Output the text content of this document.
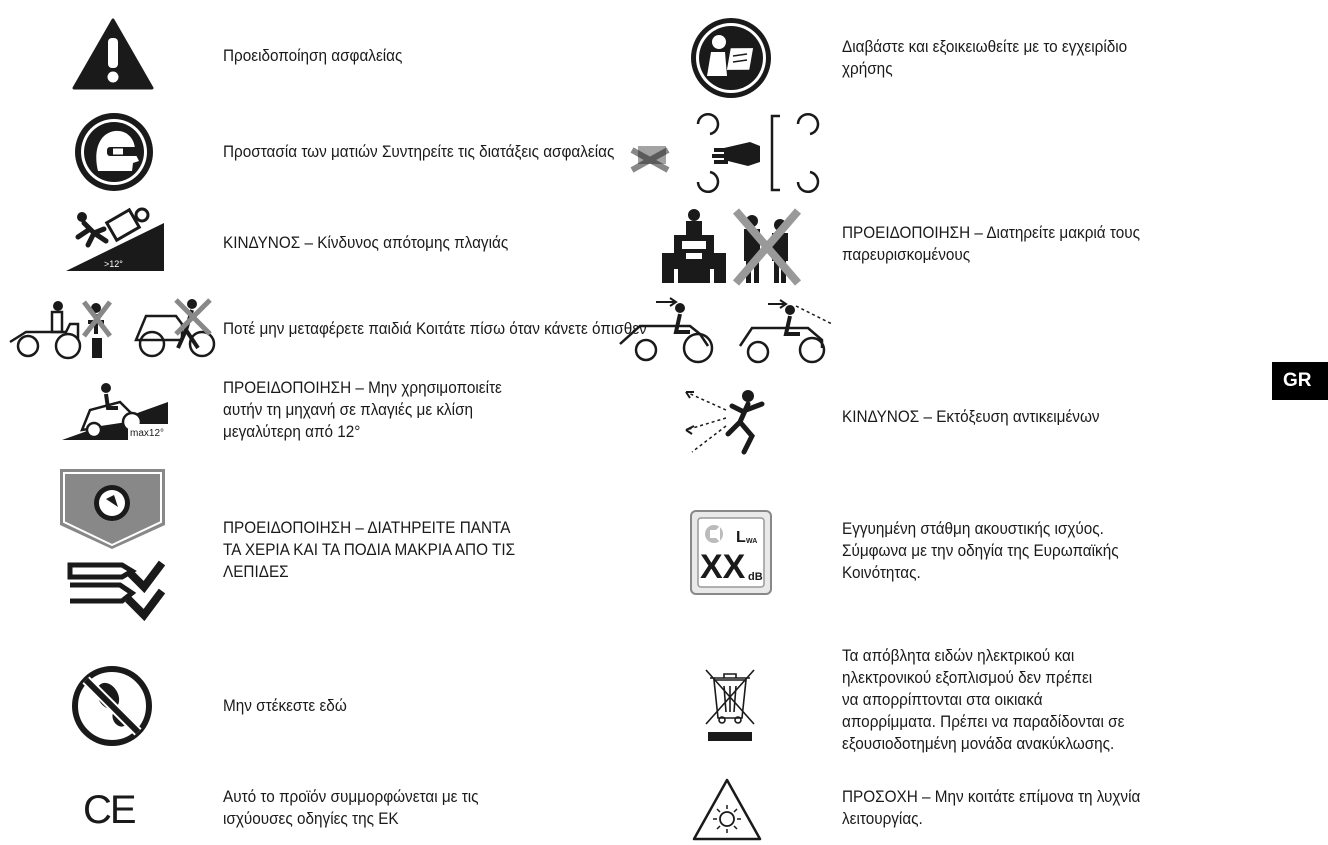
GR
>12°
max12°
CE
L WA
XX dB
Προειδοποίηση ασφαλείας
Προστασία των ματιών Συντηρείτε τις διατάξεις ασφαλείας
ΚΙΝΔΥΝΟΣ – Κίνδυνος απότομης πλαγιάς
Ποτέ μην μεταφέρετε παιδιά Κοιτάτε πίσω όταν κάνετε όπισθεν
ΠΡΟΕΙΔΟΠΟΙΗΣΗ – Μην χρησιμοποιείτε
αυτήν τη μηχανή σε πλαγιές με κλίση
μεγαλύτερη από 12°
ΠΡΟΕΙΔΟΠΟΙΗΣΗ – ΔΙΑΤΗΡΕΙΤΕ ΠΑΝΤΑ
ΤΑ ΧΕΡΙΑ ΚΑΙ ΤΑ ΠΟΔΙΑ ΜΑΚΡΙΑ ΑΠΟ ΤΙΣ
ΛΕΠΙΔΕΣ
Μην στέκεστε εδώ
Αυτό το προϊόν συμμορφώνεται με τις
ισχύουσες οδηγίες της ΕΚ
Διαβάστε και εξοικειωθείτε με το εγχειρίδιο
χρήσης
ΠΡΟΕΙΔΟΠΟΙΗΣΗ – Διατηρείτε μακριά τους
παρευρισκομένους
ΚΙΝΔΥΝΟΣ – Εκτόξευση αντικειμένων
Εγγυημένη στάθμη ακουστικής ισχύος.
Σύμφωνα με την οδηγία της Ευρωπαϊκής
Κοινότητας.
Τα απόβλητα ειδών ηλεκτρικού και
ηλεκτρονικού εξοπλισμού δεν πρέπει
να απορρίπτονται στα οικιακά
απορρίμματα. Πρέπει να παραδίδονται σε
εξουσιοδοτημένη μονάδα ανακύκλωσης.
ΠΡΟΣΟΧΗ – Μην κοιτάτε επίμονα τη λυχνία
λειτουργίας.
